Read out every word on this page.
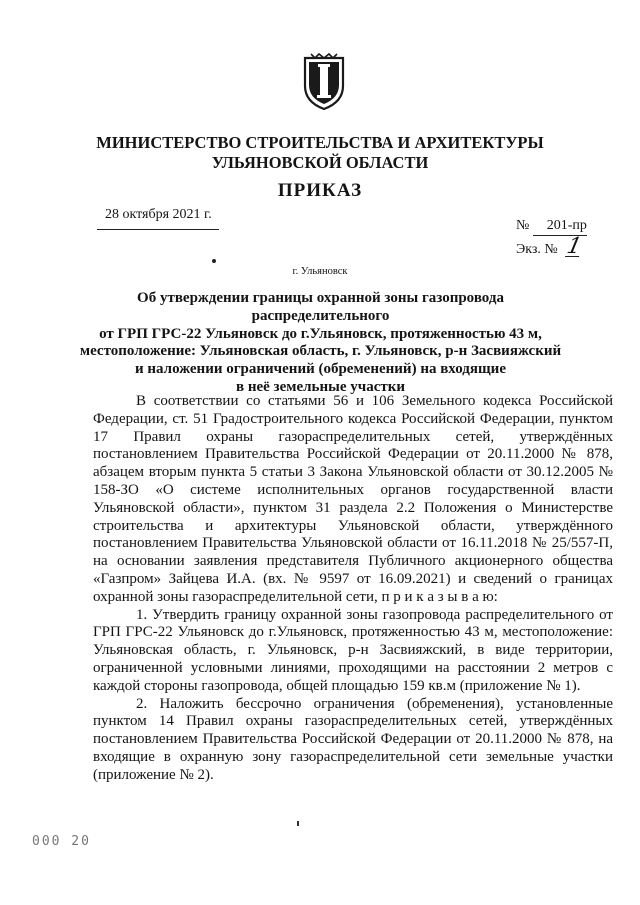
МИНИСТЕРСТВО СТРОИТЕЛЬСТВА И АРХИТЕКТУРЫ
УЛЬЯНОВСКОЙ ОБЛАСТИ
ПРИКАЗ
28 октября 2021 г.
№ 201-пр
Экз. № 1
г. Ульяновск
Об утверждении границы охранной зоны газопровода распределительного
от ГРП ГРС-22 Ульяновск до г.Ульяновск, протяженностью 43 м,
местоположение: Ульяновская область, г. Ульяновск, р-н Засвияжский
и наложении ограничений (обременений) на входящие
в неё земельные участки

В соответствии со статьями 56 и 106 Земельного кодекса Российской Федерации, ст. 51 Градостроительного кодекса Российской Федерации, пунктом 17 Правил охраны газораспределительных сетей, утверждённых постановлением Правительства Российской Федерации от 20.11.2000 № 878, абзацем вторым пункта 5 статьи 3 Закона Ульяновской области от 30.12.2005 № 158-ЗО «О системе исполнительных органов государственной власти Ульяновской области», пунктом 31 раздела 2.2 Положения о Министерстве строительства и архитектуры Ульяновской области, утверждённого постановлением Правительства Ульяновской области от 16.11.2018 № 25/557-П, на основании заявления представителя Публичного акционерного общества «Газпром» Зайцева И.А. (вх. № 9597 от 16.09.2021) и сведений о границах охранной зоны газораспределительной сети, п р и к а з ы в а ю:

1. Утвердить границу охранной зоны газопровода распределительного от ГРП ГРС-22 Ульяновск до г.Ульяновск, протяженностью 43 м, местоположение: Ульяновская область, г. Ульяновск, р-н Засвияжский, в виде территории, ограниченной условными линиями, проходящими на расстоянии 2 метров с каждой стороны газопровода, общей площадью 159 кв.м (приложение № 1).

2. Наложить бессрочно ограничения (обременения), установленные пунктом 14 Правил охраны газораспределительных сетей, утверждённых постановлением Правительства Российской Федерации от 20.11.2000 № 878, на входящие в охранную зону газораспределительной сети земельные участки (приложение № 2).

000 20
